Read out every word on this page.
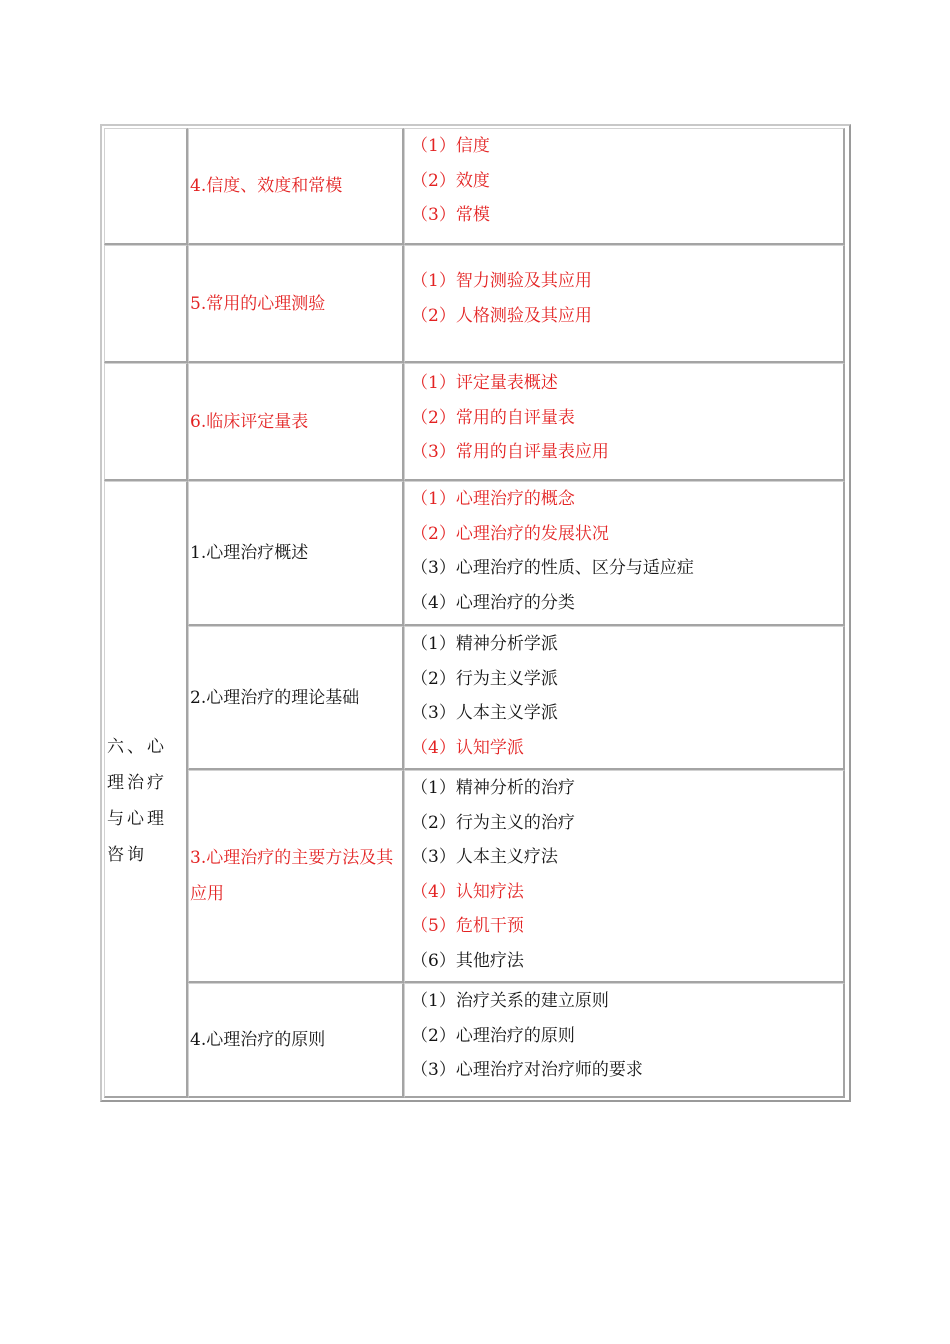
4.信度、效度和常模
（1）信度
（2）效度
（3）常模
5.常用的心理测验
（1）智力测验及其应用
（2）人格测验及其应用
6.临床评定量表
（1）评定量表概述
（2）常用的自评量表
（3）常用的自评量表应用
六、心理治疗与心理咨询
1.心理治疗概述
（1）心理治疗的概念
（2）心理治疗的发展状况
（3）心理治疗的性质、区分与适应症
（4）心理治疗的分类
2.心理治疗的理论基础
（1）精神分析学派
（2）行为主义学派
（3）人本主义学派
（4）认知学派
3.心理治疗的主要方法及其应用
（1）精神分析的治疗
（2）行为主义的治疗
（3）人本主义疗法
（4）认知疗法
（5）危机干预
（6）其他疗法
4.心理治疗的原则
（1）治疗关系的建立原则
（2）心理治疗的原则
（3）心理治疗对治疗师的要求
